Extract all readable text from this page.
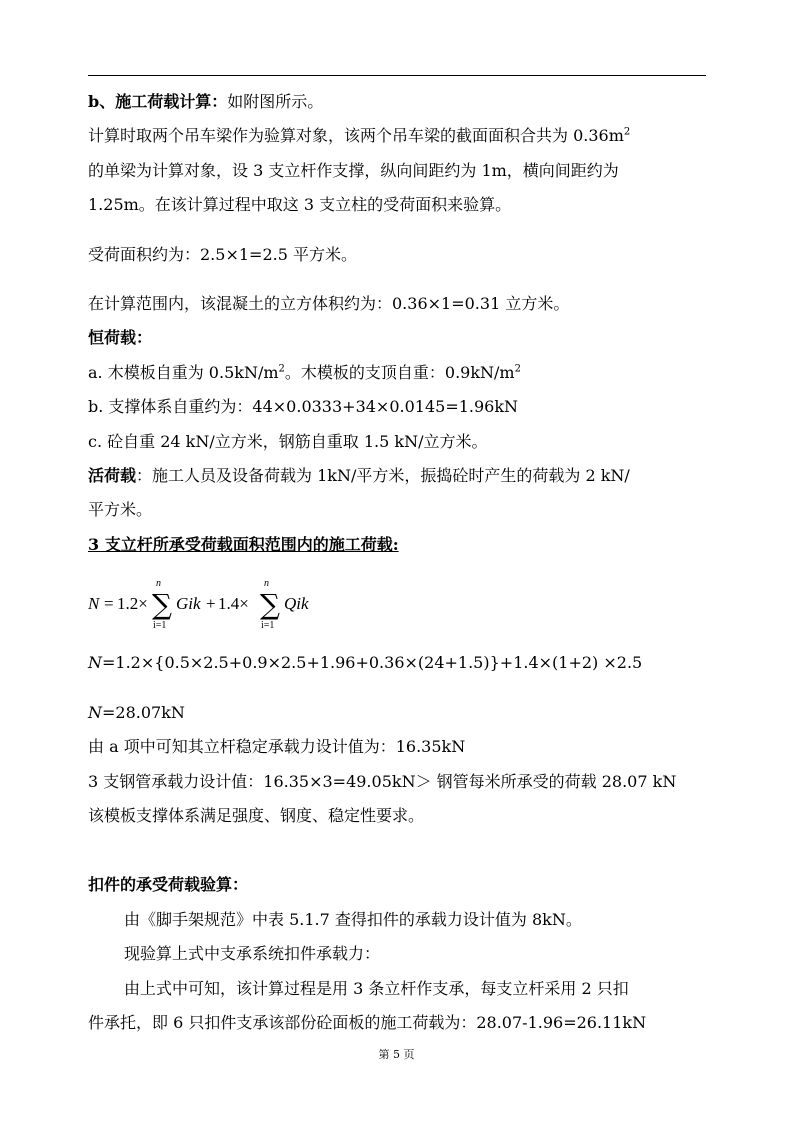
b、施工荷载计算：如附图所示。
计算时取两个吊车梁作为验算对象，该两个吊车梁的截面面积合共为 $0.36m^2$
的单梁为计算对象，设 3 支立杆作支撑，纵向间距约为 1m，横向间距约为
1.25m。在该计算过程中取这 3 支立柱的受荷面积来验算。
受荷面积约为：2.5×1=2.5 平方米。
在计算范围内，该混凝土的立方体积约为：0.36×1=0.31 立方米。
恒荷载：
a. 木模板自重为 $0.5kN/m^2$。木模板的支顶自重：$0.9kN/m^2$
b. 支撑体系自重约为：44×0.0333+34×0.0145=1.96kN
c. 砼自重 24 kN/立方米，钢筋自重取 1.5 kN/立方米。
活荷载：施工人员及设备荷载为 1kN/平方米，振捣砼时产生的荷载为 2 kN/
平方米。
3 支立杆所承受荷载面积范围内的施工荷载:
N = 1.2×
n
∑
i=1
Gik + 1.4×
n
∑
i=1
Qik
N=1.2×{0.5×2.5+0.9×2.5+1.96+0.36×(24+1.5)}+1.4×(1+2) ×2.5
N=28.07kN
由 a 项中可知其立杆稳定承载力设计值为：16.35kN
3 支钢管承载力设计值：16.35×3=49.05kN＞ 钢管每米所承受的荷载 28.07 kN
该模板支撑体系满足强度、钢度、稳定性要求。
扣件的承受荷载验算：
由《脚手架规范》中表 5.1.7 查得扣件的承载力设计值为 8kN。
现验算上式中支承系统扣件承载力：
由上式中可知，该计算过程是用 3 条立杆作支承，每支立杆采用 2 只扣
件承托，即 6 只扣件支承该部份砼面板的施工荷载为：28.07-1.96=26.11kN
第 5 页
